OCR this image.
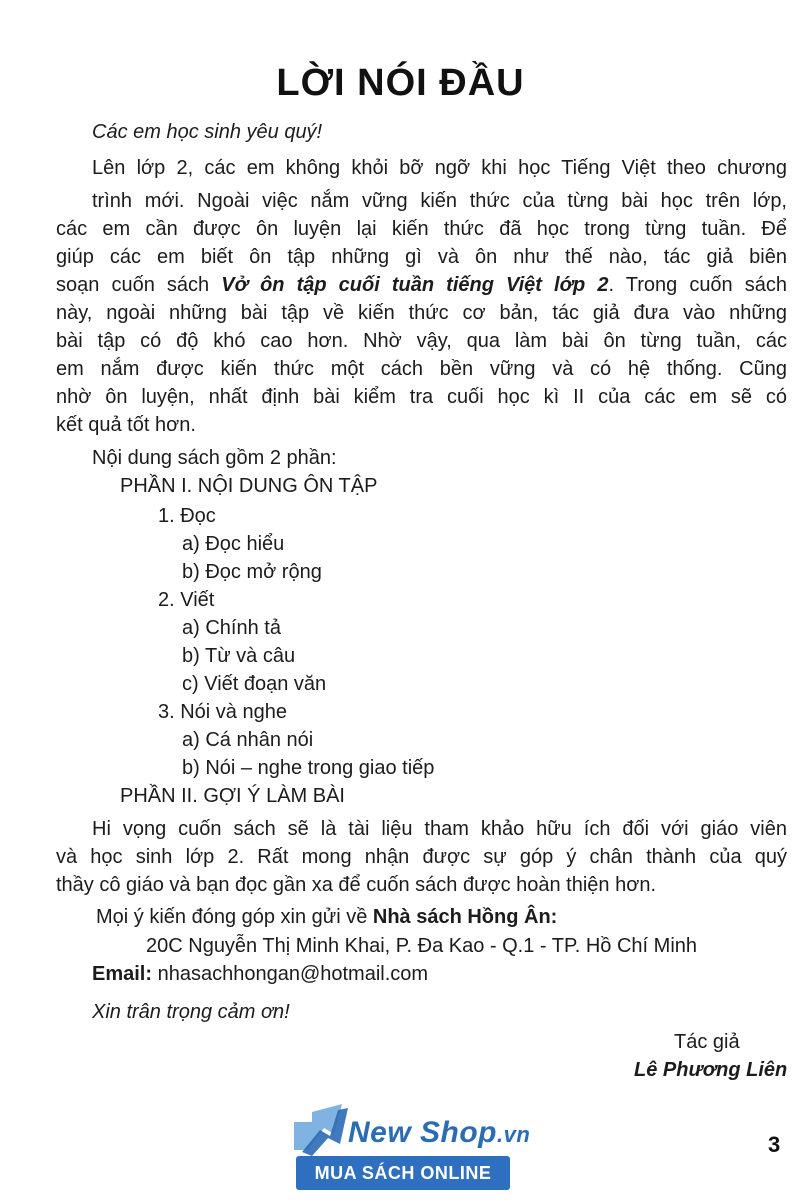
LỜI NÓI ĐẦU
Các em học sinh yêu quý!
Lên lớp 2, các em không khỏi bỡ ngỡ khi học Tiếng Việt theo chương
trình mới. Ngoài việc nắm vững kiến thức của từng bài học trên lớp,
các em cần được ôn luyện lại kiến thức đã học trong từng tuần. Để
giúp các em biết ôn tập những gì và ôn như thế nào, tác giả biên
soạn cuốn sách Vở ôn tập cuối tuần tiếng Việt lớp 2. Trong cuốn sách
này, ngoài những bài tập về kiến thức cơ bản, tác giả đưa vào những
bài tập có độ khó cao hơn. Nhờ vậy, qua làm bài ôn từng tuần, các
em nắm được kiến thức một cách bền vững và có hệ thống. Cũng
nhờ ôn luyện, nhất định bài kiểm tra cuối học kì II của các em sẽ có
kết quả tốt hơn.
Nội dung sách gồm 2 phần:
PHẦN I. NỘI DUNG ÔN TẬP
1. Đọc
a) Đọc hiểu
b) Đọc mở rộng
2. Viết
a) Chính tả
b) Từ và câu
c) Viết đoạn văn
3. Nói và nghe
a) Cá nhân nói
b) Nói – nghe trong giao tiếp
PHẦN II. GỢI Ý LÀM BÀI
Hi vọng cuốn sách sẽ là tài liệu tham khảo hữu ích đối với giáo viên
và học sinh lớp 2. Rất mong nhận được sự góp ý chân thành của quý
thầy cô giáo và bạn đọc gần xa để cuốn sách được hoàn thiện hơn.
Mọi ý kiến đóng góp xin gửi về Nhà sách Hồng Ân:
20C Nguyễn Thị Minh Khai, P. Đa Kao - Q.1 - TP. Hồ Chí Minh
Email: nhasachhongan@hotmail.com
Xin trân trọng cảm ơn!
Tác giả
Lê Phương Liên
New Shop.vn
MUA SÁCH ONLINE
3
